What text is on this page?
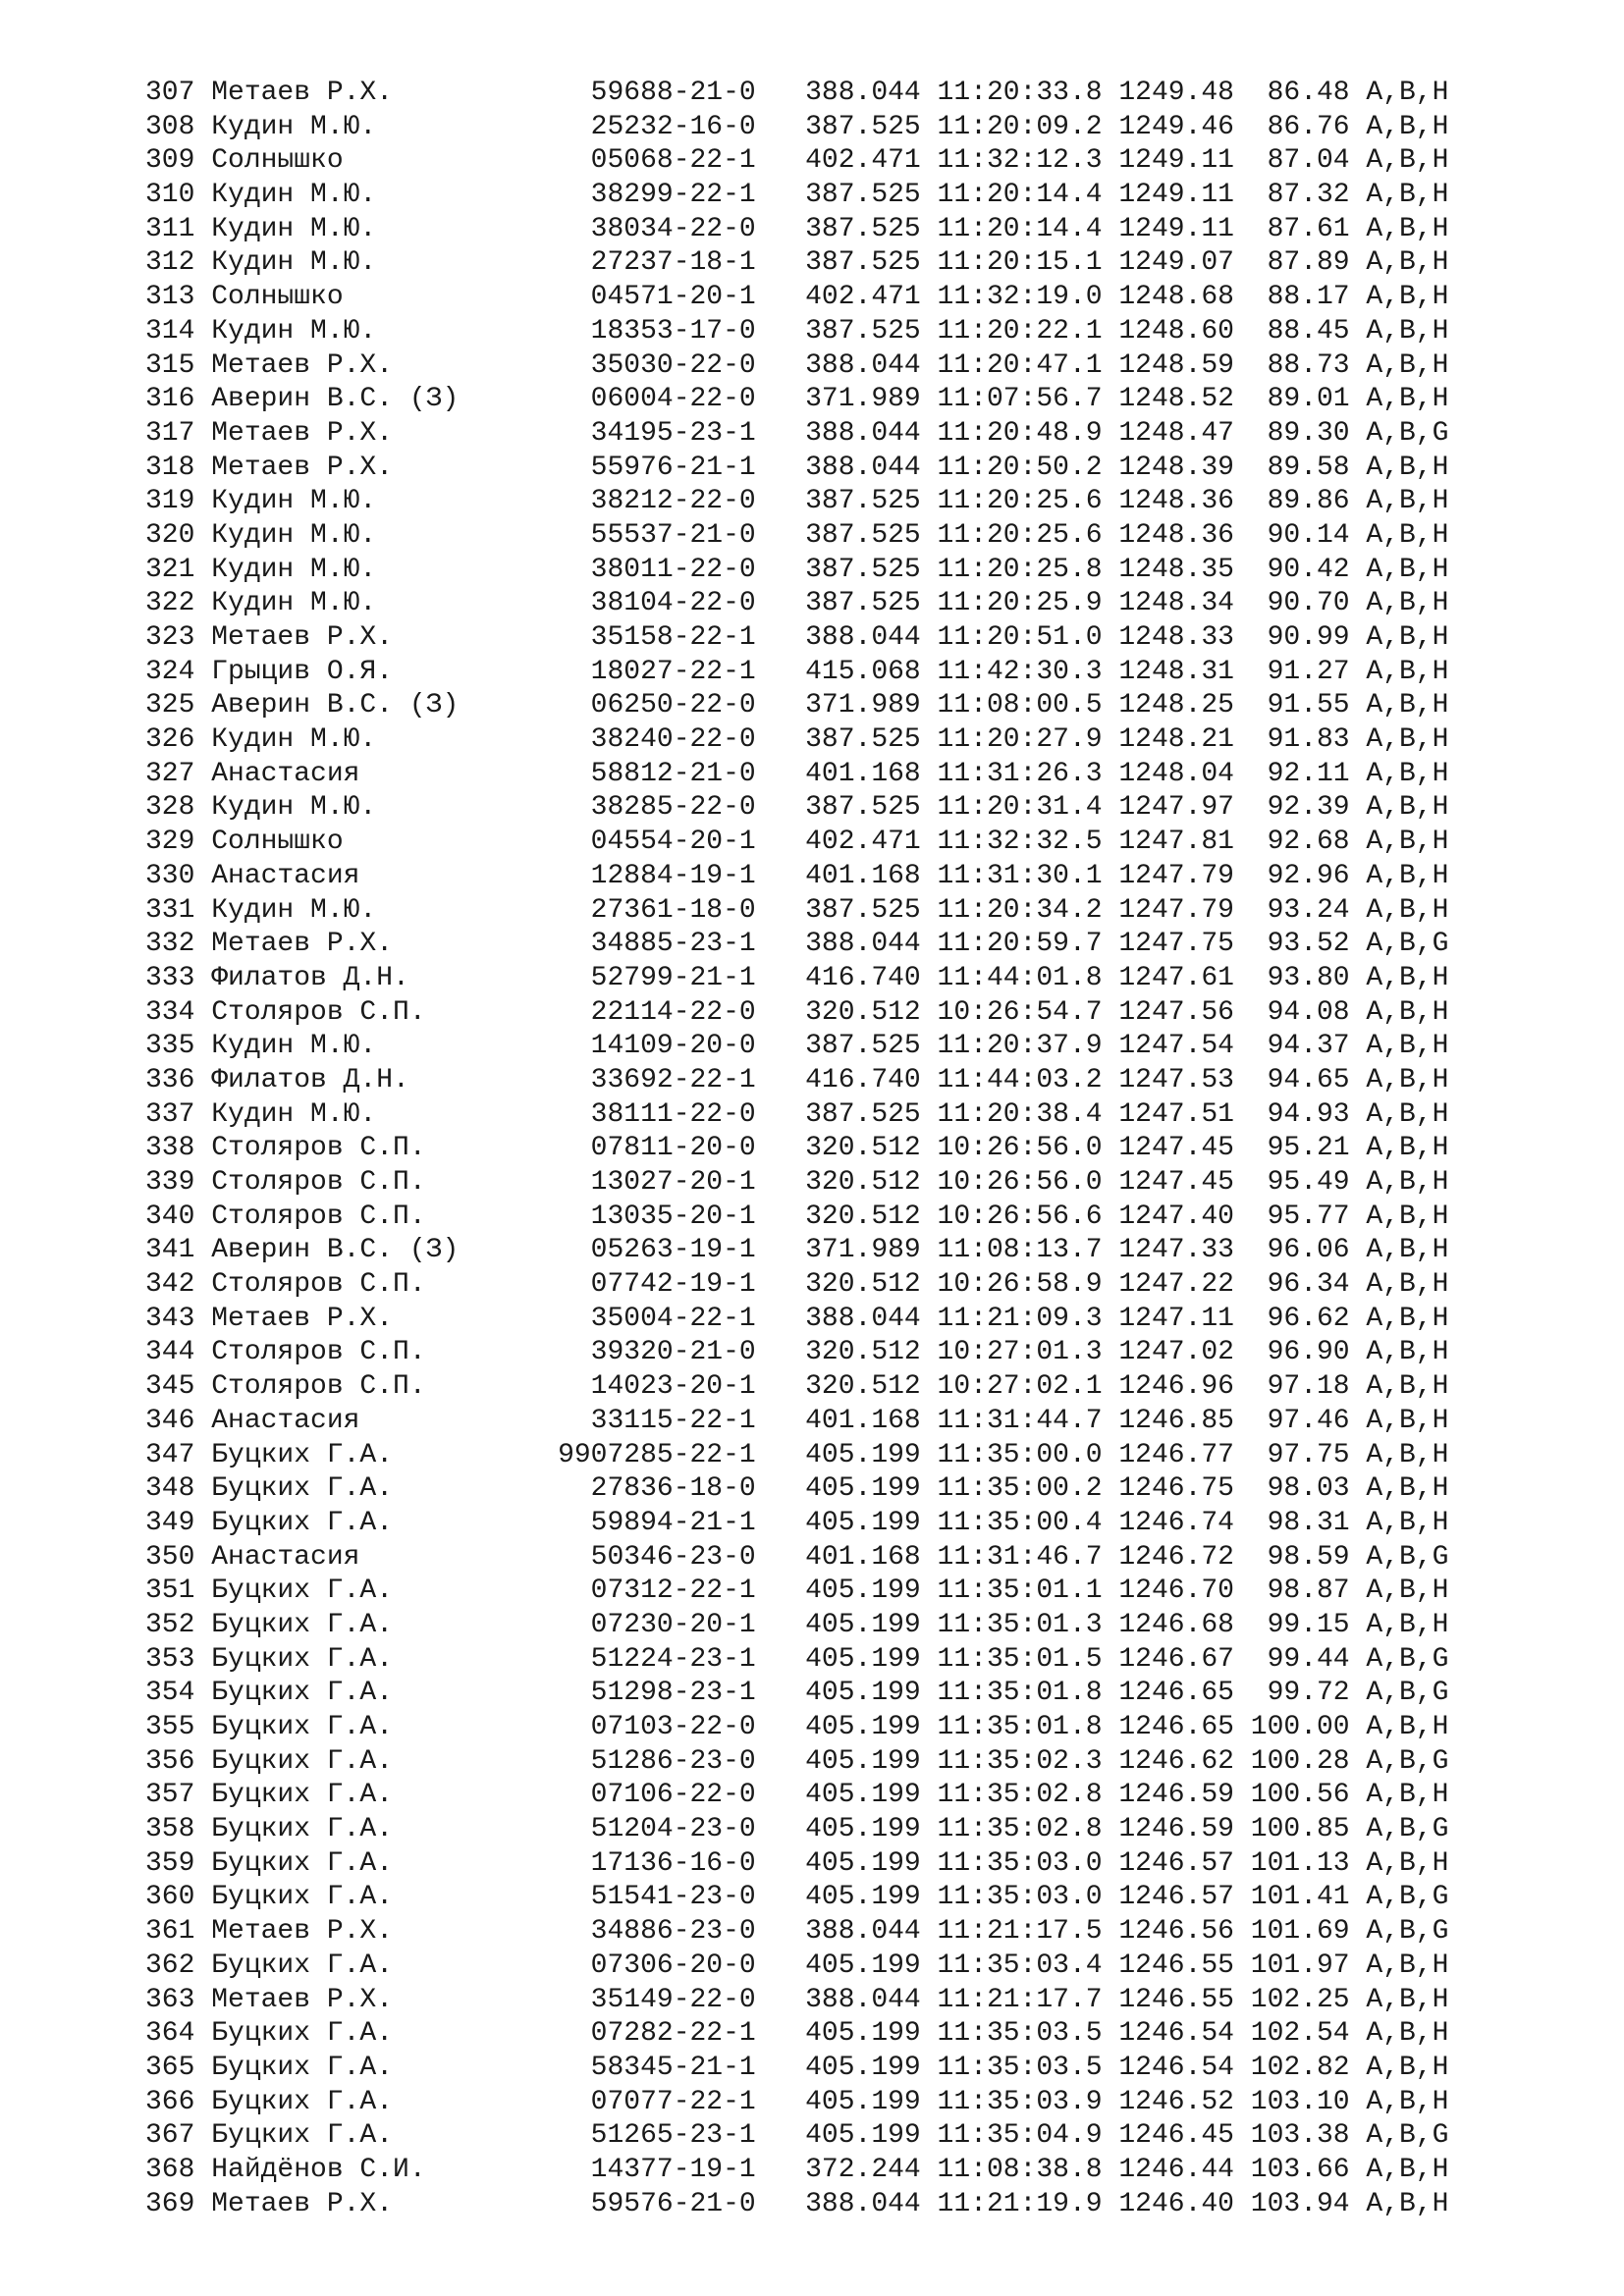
307 Метаев Р.Х.            59688-21-0   388.044 11:20:33.8 1249.48  86.48 A,B,H
308 Кудин М.Ю.             25232-16-0   387.525 11:20:09.2 1249.46  86.76 A,B,H
309 Солнышко               05068-22-1   402.471 11:32:12.3 1249.11  87.04 A,B,H
310 Кудин М.Ю.             38299-22-1   387.525 11:20:14.4 1249.11  87.32 A,B,H
311 Кудин М.Ю.             38034-22-0   387.525 11:20:14.4 1249.11  87.61 A,B,H
312 Кудин М.Ю.             27237-18-1   387.525 11:20:15.1 1249.07  87.89 A,B,H
313 Солнышко               04571-20-1   402.471 11:32:19.0 1248.68  88.17 A,B,H
314 Кудин М.Ю.             18353-17-0   387.525 11:20:22.1 1248.60  88.45 A,B,H
315 Метаев Р.Х.            35030-22-0   388.044 11:20:47.1 1248.59  88.73 A,B,H
316 Аверин В.С. (З)        06004-22-0   371.989 11:07:56.7 1248.52  89.01 A,B,H
317 Метаев Р.Х.            34195-23-1   388.044 11:20:48.9 1248.47  89.30 A,B,G
318 Метаев Р.Х.            55976-21-1   388.044 11:20:50.2 1248.39  89.58 A,B,H
319 Кудин М.Ю.             38212-22-0   387.525 11:20:25.6 1248.36  89.86 A,B,H
320 Кудин М.Ю.             55537-21-0   387.525 11:20:25.6 1248.36  90.14 A,B,H
321 Кудин М.Ю.             38011-22-0   387.525 11:20:25.8 1248.35  90.42 A,B,H
322 Кудин М.Ю.             38104-22-0   387.525 11:20:25.9 1248.34  90.70 A,B,H
323 Метаев Р.Х.            35158-22-1   388.044 11:20:51.0 1248.33  90.99 A,B,H
324 Грыцив О.Я.            18027-22-1   415.068 11:42:30.3 1248.31  91.27 A,B,H
325 Аверин В.С. (З)        06250-22-0   371.989 11:08:00.5 1248.25  91.55 A,B,H
326 Кудин М.Ю.             38240-22-0   387.525 11:20:27.9 1248.21  91.83 A,B,H
327 Анастасия              58812-21-0   401.168 11:31:26.3 1248.04  92.11 A,B,H
328 Кудин М.Ю.             38285-22-0   387.525 11:20:31.4 1247.97  92.39 A,B,H
329 Солнышко               04554-20-1   402.471 11:32:32.5 1247.81  92.68 A,B,H
330 Анастасия              12884-19-1   401.168 11:31:30.1 1247.79  92.96 A,B,H
331 Кудин М.Ю.             27361-18-0   387.525 11:20:34.2 1247.79  93.24 A,B,H
332 Метаев Р.Х.            34885-23-1   388.044 11:20:59.7 1247.75  93.52 A,B,G
333 Филатов Д.Н.           52799-21-1   416.740 11:44:01.8 1247.61  93.80 A,B,H
334 Столяров С.П.          22114-22-0   320.512 10:26:54.7 1247.56  94.08 A,B,H
335 Кудин М.Ю.             14109-20-0   387.525 11:20:37.9 1247.54  94.37 A,B,H
336 Филатов Д.Н.           33692-22-1   416.740 11:44:03.2 1247.53  94.65 A,B,H
337 Кудин М.Ю.             38111-22-0   387.525 11:20:38.4 1247.51  94.93 A,B,H
338 Столяров С.П.          07811-20-0   320.512 10:26:56.0 1247.45  95.21 A,B,H
339 Столяров С.П.          13027-20-1   320.512 10:26:56.0 1247.45  95.49 A,B,H
340 Столяров С.П.          13035-20-1   320.512 10:26:56.6 1247.40  95.77 A,B,H
341 Аверин В.С. (З)        05263-19-1   371.989 11:08:13.7 1247.33  96.06 A,B,H
342 Столяров С.П.          07742-19-1   320.512 10:26:58.9 1247.22  96.34 A,B,H
343 Метаев Р.Х.            35004-22-1   388.044 11:21:09.3 1247.11  96.62 A,B,H
344 Столяров С.П.          39320-21-0   320.512 10:27:01.3 1247.02  96.90 A,B,H
345 Столяров С.П.          14023-20-1   320.512 10:27:02.1 1246.96  97.18 A,B,H
346 Анастасия              33115-22-1   401.168 11:31:44.7 1246.85  97.46 A,B,H
347 Буцких Г.А.          9907285-22-1   405.199 11:35:00.0 1246.77  97.75 A,B,H
348 Буцких Г.А.            27836-18-0   405.199 11:35:00.2 1246.75  98.03 A,B,H
349 Буцких Г.А.            59894-21-1   405.199 11:35:00.4 1246.74  98.31 A,B,H
350 Анастасия              50346-23-0   401.168 11:31:46.7 1246.72  98.59 A,B,G
351 Буцких Г.А.            07312-22-1   405.199 11:35:01.1 1246.70  98.87 A,B,H
352 Буцких Г.А.            07230-20-1   405.199 11:35:01.3 1246.68  99.15 A,B,H
353 Буцких Г.А.            51224-23-1   405.199 11:35:01.5 1246.67  99.44 A,B,G
354 Буцких Г.А.            51298-23-1   405.199 11:35:01.8 1246.65  99.72 A,B,G
355 Буцких Г.А.            07103-22-0   405.199 11:35:01.8 1246.65 100.00 A,B,H
356 Буцких Г.А.            51286-23-0   405.199 11:35:02.3 1246.62 100.28 A,B,G
357 Буцких Г.А.            07106-22-0   405.199 11:35:02.8 1246.59 100.56 A,B,H
358 Буцких Г.А.            51204-23-0   405.199 11:35:02.8 1246.59 100.85 A,B,G
359 Буцких Г.А.            17136-16-0   405.199 11:35:03.0 1246.57 101.13 A,B,H
360 Буцких Г.А.            51541-23-0   405.199 11:35:03.0 1246.57 101.41 A,B,G
361 Метаев Р.Х.            34886-23-0   388.044 11:21:17.5 1246.56 101.69 A,B,G
362 Буцких Г.А.            07306-20-0   405.199 11:35:03.4 1246.55 101.97 A,B,H
363 Метаев Р.Х.            35149-22-0   388.044 11:21:17.7 1246.55 102.25 A,B,H
364 Буцких Г.А.            07282-22-1   405.199 11:35:03.5 1246.54 102.54 A,B,H
365 Буцких Г.А.            58345-21-1   405.199 11:35:03.5 1246.54 102.82 A,B,H
366 Буцких Г.А.            07077-22-1   405.199 11:35:03.9 1246.52 103.10 A,B,H
367 Буцких Г.А.            51265-23-1   405.199 11:35:04.9 1246.45 103.38 A,B,G
368 Найдёнов С.И.          14377-19-1   372.244 11:08:38.8 1246.44 103.66 A,B,H
369 Метаев Р.Х.            59576-21-0   388.044 11:21:19.9 1246.40 103.94 A,B,H
